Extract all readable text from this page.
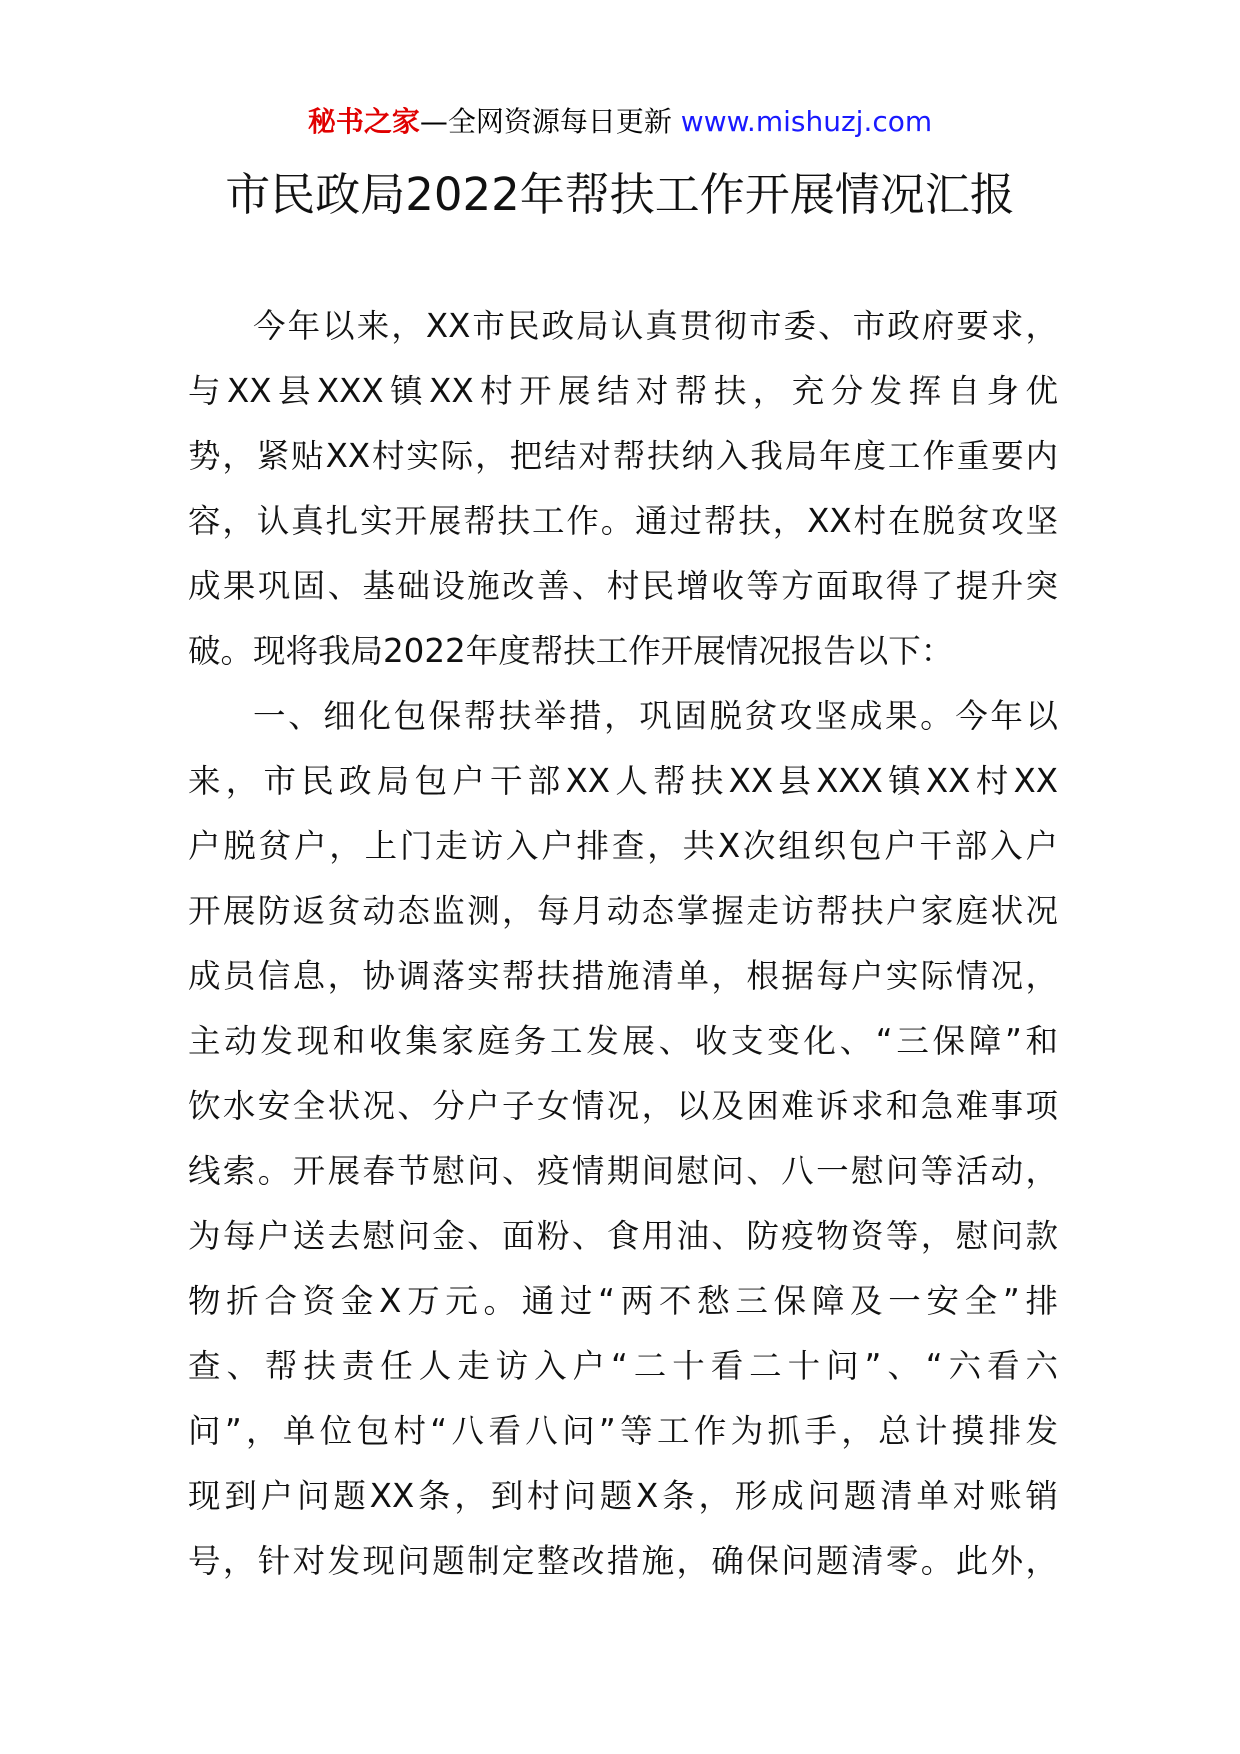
秘书之家—全网资源每日更新 www.mishuzj.com
市民政局2022年帮扶工作开展情况汇报
今年以来，XX市民政局认真贯彻市委、市政府要求，
与XX县XXX镇XX村开展结对帮扶，充分发挥自身优
势，紧贴XX村实际，把结对帮扶纳入我局年度工作重要内
容，认真扎实开展帮扶工作。通过帮扶，XX村在脱贫攻坚
成果巩固、基础设施改善、村民增收等方面取得了提升突
破。现将我局2022年度帮扶工作开展情况报告以下：
一、细化包保帮扶举措，巩固脱贫攻坚成果。今年以
来，市民政局包户干部XX人帮扶XX县XXX镇XX村XX
户脱贫户，上门走访入户排查，共X次组织包户干部入户
开展防返贫动态监测，每月动态掌握走访帮扶户家庭状况
成员信息，协调落实帮扶措施清单，根据每户实际情况，
主动发现和收集家庭务工发展、收支变化、“三保障”和
饮水安全状况、分户子女情况，以及困难诉求和急难事项
线索。开展春节慰问、疫情期间慰问、八一慰问等活动，
为每户送去慰问金、面粉、食用油、防疫物资等，慰问款
物折合资金X万元。通过“两不愁三保障及一安全”排
查、帮扶责任人走访入户“二十看二十问”、“六看六
问”，单位包村“八看八问”等工作为抓手，总计摸排发
现到户问题XX条，到村问题X条，形成问题清单对账销
号，针对发现问题制定整改措施，确保问题清零。此外，
